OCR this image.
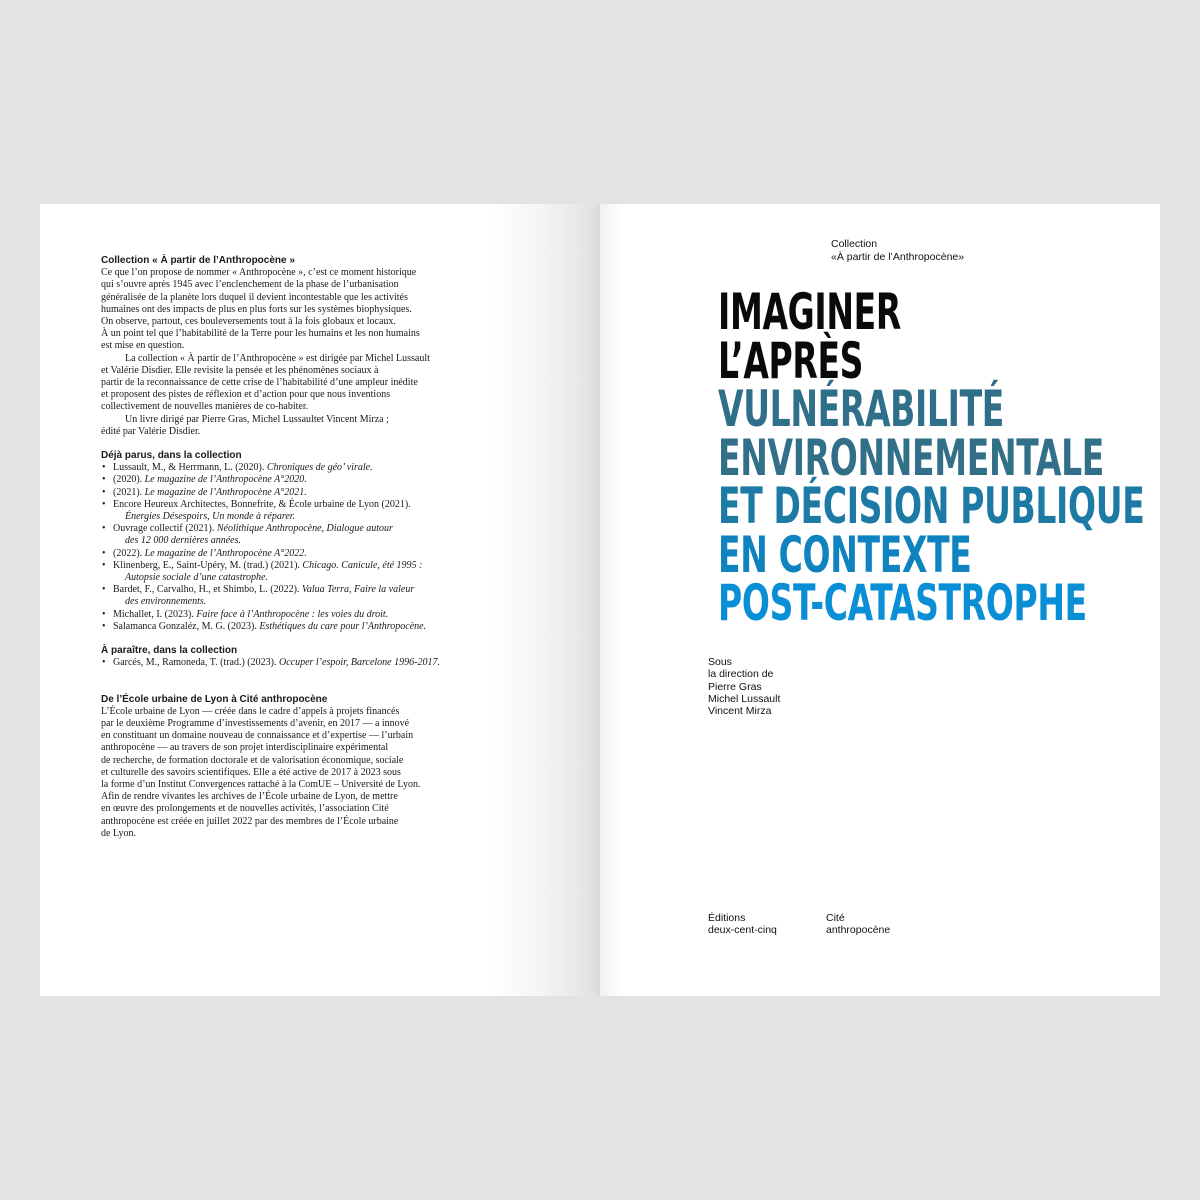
Collection « À partir de l’Anthropocène »

Ce que l’on propose de nommer « Anthropocène », c’est ce moment historique
qui s’ouvre après 1945 avec l’enclenchement de la phase de l’urbanisation
généralisée de la planète lors duquel il devient incontestable que les activités
humaines ont des impacts de plus en plus forts sur les systèmes biophysiques.
On observe, partout, ces bouleversements tout à la fois globaux et locaux.
À un point tel que l’habitabilité de la Terre pour les humains et les non humains
est mise en question.
La collection « À partir de l’Anthropocène » est dirigée par Michel Lussault
et Valérie Disdier. Elle revisite la pensée et les phénomènes sociaux à
partir de la reconnaissance de cette crise de l’habitabilité d’une ampleur inédite
et proposent des pistes de réflexion et d’action pour que nous inventions
collectivement de nouvelles manières de co-habiter.
Un livre dirigé par Pierre Gras, Michel Lussaultet Vincent Mirza ;
édité par Valérie Disdier.

Déjà parus, dans la collection

• Lussault, M., & Herrmann, L. (2020). Chroniques de géo’ virale.
• (2020). Le magazine de l’Anthropocène A°2020.
• (2021). Le magazine de l’Anthropocène A°2021.
• Encore Heureux Architectes, Bonnefrite, & École urbaine de Lyon (2021).
Énergies Désespoirs, Un monde à réparer.
• Ouvrage collectif (2021). Néolithique Anthropocène, Dialogue autour
des 12 000 dernières années.
• (2022). Le magazine de l’Anthropocène A°2022.
• Klinenberg, E., Saint-Upéry, M. (trad.) (2021). Chicago. Canicule, été 1995 :
Autopsie sociale d’une catastrophe.
• Bardet, F., Carvalho, H., et Shimbo, L. (2022). Valua Terra, Faire la valeur
des environnements.
• Michallet, I. (2023). Faire face à l’Anthropocène : les voies du droit.
• Salamanca Gonzaléz, M. G. (2023). Esthétiques du care pour l’Anthropocène.

À paraître, dans la collection

• Garcés, M., Ramoneda, T. (trad.) (2023). Occuper l’espoir, Barcelone 1996-2017.

De l’École urbaine de Lyon à Cité anthropocène

L’École urbaine de Lyon — créée dans le cadre d’appels à projets financés
par le deuxième Programme d’investissements d’avenir, en 2017 — a innové
en constituant un domaine nouveau de connaissance et d’expertise — l’urbain
anthropocène — au travers de son projet interdisciplinaire expérimental
de recherche, de formation doctorale et de valorisation économique, sociale
et culturelle des savoirs scientifiques. Elle a été active de 2017 à 2023 sous
la forme d’un Institut Convergences rattaché à la ComUE – Université de Lyon.
Afin de rendre vivantes les archives de l’École urbaine de Lyon, de mettre
en œuvre des prolongements et de nouvelles activités, l’association Cité
anthropocène est créée en juillet 2022 par des membres de l’École urbaine
de Lyon.
Collection
«À partir de l’Anthropocène»
IMAGINER
L’APRÈS
VULNÉRABILITÉ
ENVIRONNEMENTALE
ET DÉCISION PUBLIQUE
EN CONTEXTE
POST-CATASTROPHE
Sous
la direction de
Pierre Gras
Michel Lussault
Vincent Mirza
Éditions
deux-cent-cinq
Cité
anthropocène
